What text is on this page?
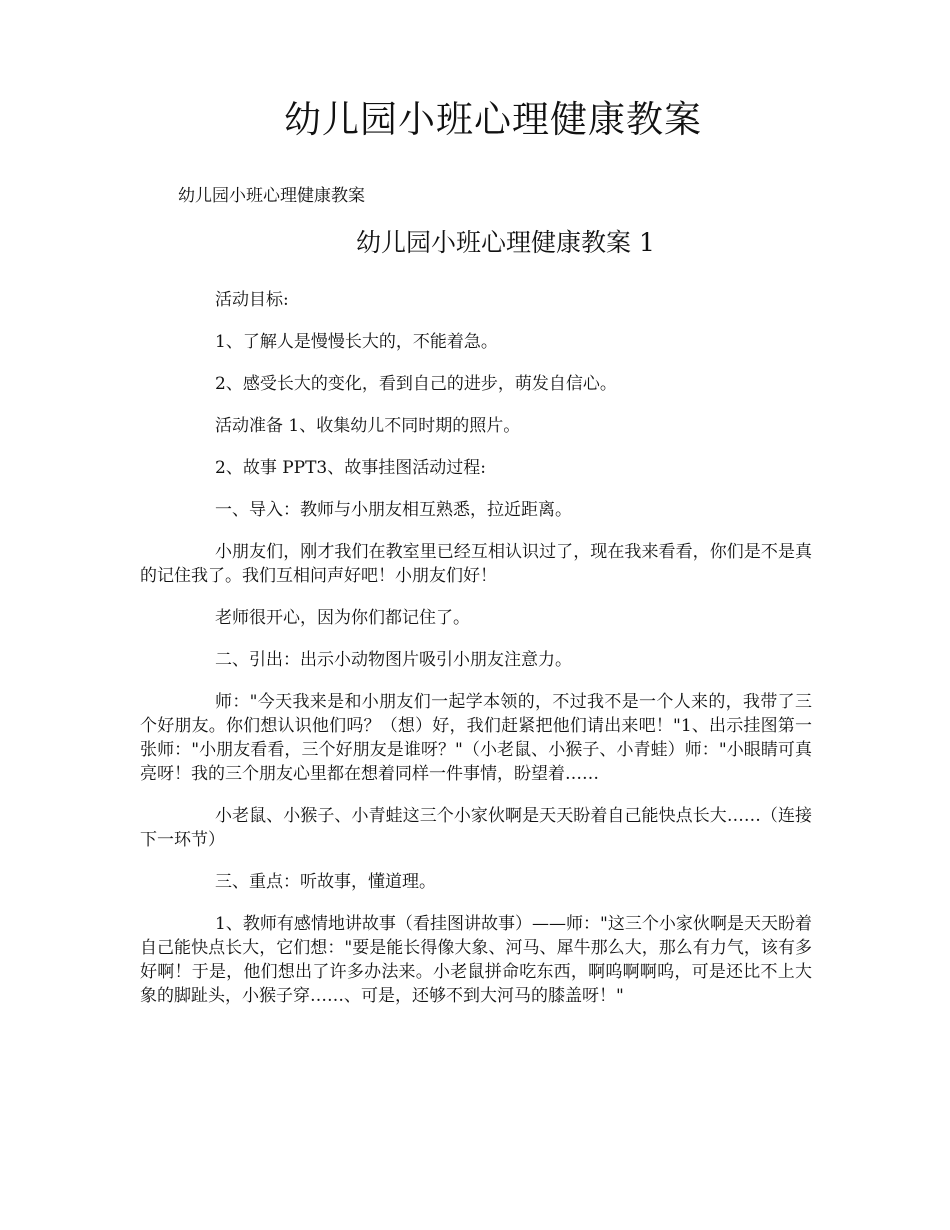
幼儿园小班心理健康教案

幼儿园小班心理健康教案

幼儿园小班心理健康教案 1

活动目标:

1、了解人是慢慢长大的，不能着急。

2、感受长大的变化，看到自己的进步，萌发自信心。

活动准备 1、收集幼儿不同时期的照片。

2、故事 PPT3、故事挂图活动过程:

一、导入：教师与小朋友相互熟悉，拉近距离。

小朋友们，刚才我们在教室里已经互相认识过了，现在我来看看，你们是不是真的记住我了。我们互相问声好吧！小朋友们好！

老师很开心，因为你们都记住了。

二、引出：出示小动物图片吸引小朋友注意力。

师："今天我来是和小朋友们一起学本领的，不过我不是一个人来的，我带了三个好朋友。你们想认识他们吗？（想）好，我们赶紧把他们请出来吧！"1、出示挂图第一张师："小朋友看看，三个好朋友是谁呀？"（小老鼠、小猴子、小青蛙）师："小眼睛可真亮呀！我的三个朋友心里都在想着同样一件事情，盼望着……

小老鼠、小猴子、小青蛙这三个小家伙啊是天天盼着自己能快点长大……（连接下一环节）

三、重点：听故事，懂道理。

1、教师有感情地讲故事（看挂图讲故事）——师："这三个小家伙啊是天天盼着自己能快点长大，它们想："要是能长得像大象、河马、犀牛那么大，那么有力气，该有多好啊！于是，他们想出了许多办法来。小老鼠拼命吃东西，啊呜啊啊呜，可是还比不上大象的脚趾头，小猴子穿……、可是，还够不到大河马的膝盖呀！"
